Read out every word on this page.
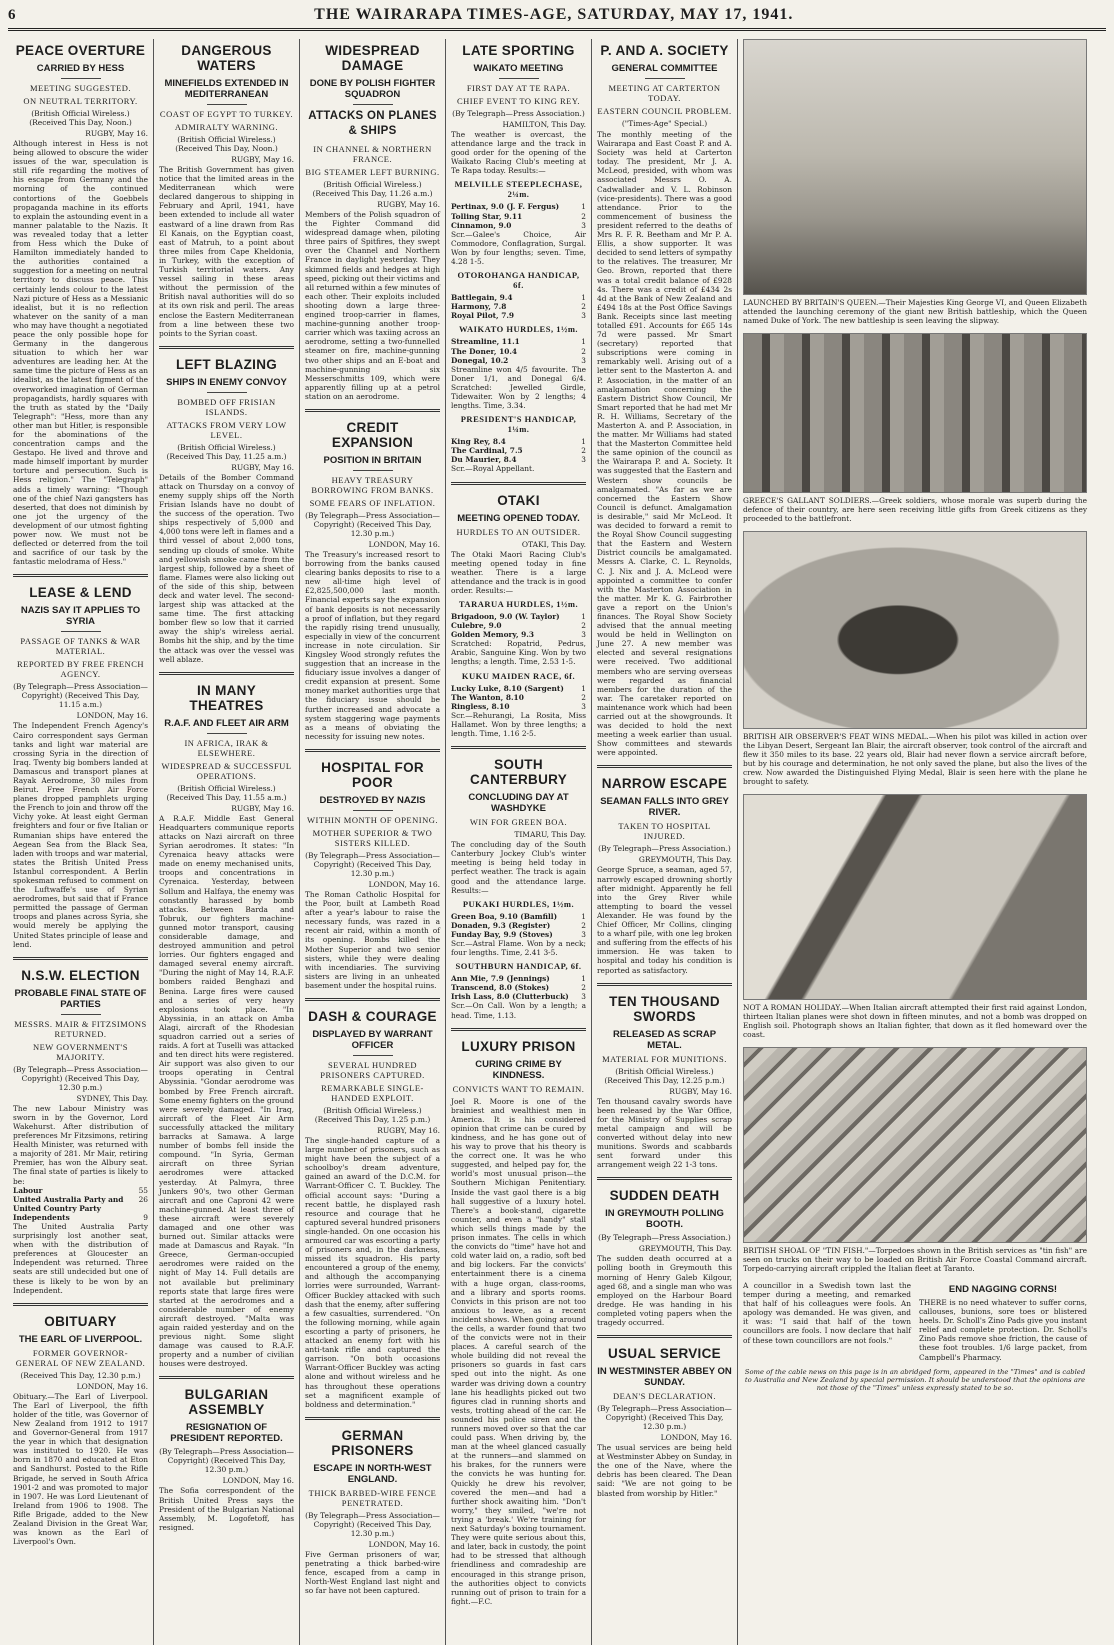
6	THE WAIRARAPA TIMES-AGE, SATURDAY, MAY 17, 1941.
PEACE OVERTURE
CARRIED BY HESS
MEETING SUGGESTED.
ON NEUTRAL TERRITORY.
(British Official Wireless.) (Received This Day, Noon.)
RUGBY, May 16.

Although interest in Hess is not being allowed to obscure the wider issues of the war, speculation is still rife regarding the motives of his escape from Germany and the morning of the continued contortions of the Goebbels propaganda machine in its efforts to explain the astounding event in a manner palatable to the Nazis. It was revealed today that a letter from Hess which the Duke of Hamilton immediately handed to the authorities contained a suggestion for a meeting on neutral territory to discuss peace. This certainly lends colour to the latest Nazi picture of Hess as a Messianic idealist, but it is no reflection whatever on the sanity of a man who may have thought a negotiated peace the only possible hope for Germany in the dangerous situation to which her war adventures are leading her. At the same time the picture of Hess as an idealist, as the latest figment of the overworked imagination of German propagandists, hardly squares with the truth as stated by the "Daily Telegraph": "Hess, more than any other man but Hitler, is responsible for the abominations of the concentration camps and the Gestapo. He lived and throve and made himself important by murder torture and persecution. Such is Hess religion." The "Telegraph" adds a timely warning: "Though one of the chief Nazi gangsters has deserted, that does not diminish by one jot the urgency of the development of our utmost fighting power now. We must not be deflected or deterred from the toil and sacrifice of our task by the fantastic melodrama of Hess."

LEASE & LEND
NAZIS SAY IT APPLIES TO SYRIA
PASSAGE OF TANKS & WAR MATERIAL.
REPORTED BY FREE FRENCH AGENCY.
(By Telegraph—Press Association—Copyright) (Received This Day, 11.15 a.m.)
LONDON, May 16.

The Independent French Agency's Cairo correspondent says German tanks and light war material are crossing Syria in the direction of Iraq. Twenty big bombers landed at Damascus and transport planes at Rayak Aerodrome, 30 miles from Beirut. Free French Air Force planes dropped pamphlets urging the French to join and throw off the Vichy yoke. At least eight German freighters and four or five Italian or Rumanian ships have entered the Aegean Sea from the Black Sea, laden with troops and war material, states the British United Press Istanbul correspondent. A Berlin spokesman refused to comment on the Luftwaffe's use of Syrian aerodromes, but said that if France permitted the passage of German troops and planes across Syria, she would merely be applying the United States principle of lease and lend.

N.S.W. ELECTION
PROBABLE FINAL STATE OF PARTIES
MESSRS. MAIR & FITZSIMONS RETURNED.
NEW GOVERNMENT'S MAJORITY.
(By Telegraph—Press Association—Copyright) (Received This Day, 12.30 p.m.)
SYDNEY, This Day.

The new Labour Ministry was sworn in by the Governor, Lord Wakehurst. After distribution of preferences Mr Fitzsimons, retiring Health Minister, was returned with a majority of 281. Mr Mair, retiring Premier, has won the Albury seat. The final state of parties is likely to be:

55
Labour
26
United Australia Party and United Country Party
9
Independents

The United Australia Party surprisingly lost another seat, when with the distribution of preferences at Gloucester an Independent was returned. Three seats are still undecided but one of these is likely to be won by an Independent.

OBITUARY
THE EARL OF LIVERPOOL.
FORMER GOVERNOR-GENERAL OF NEW ZEALAND.
(Received This Day, 12.30 p.m.)
LONDON, May 16.

Obituary.—The Earl of Liverpool. The Earl of Liverpool, the fifth holder of the title, was Governor of New Zealand from 1912 to 1917 and Governor-General from 1917 the year in which that designation was instituted to 1920. He was born in 1870 and educated at Eton and Sandhurst. Posted to the Rifle Brigade, he served in South Africa 1901-2 and was promoted to major in 1907. He was Lord Lieutenant of Ireland from 1906 to 1908. The Rifle Brigade, added to the New Zealand Division in the Great War, was known as the Earl of Liverpool's Own.

DANGEROUS WATERS
MINEFIELDS EXTENDED IN MEDITERRANEAN
COAST OF EGYPT TO TURKEY.
ADMIRALTY WARNING.
(British Official Wireless.) (Received This Day, Noon.)
RUGBY, May 16.

The British Government has given notice that the limited areas in the Mediterranean which were declared dangerous to shipping in February and April, 1941, have been extended to include all water eastward of a line drawn from Ras El Kanais, on the Egyptian coast, east of Matruh, to a point about three miles from Cape Kheldonia, in Turkey, with the exception of Turkish territorial waters. Any vessel sailing in these areas without the permission of the British naval authorities will do so at its own risk and peril. The areas enclose the Eastern Mediterranean from a line between these two points to the Syrian coast.

LEFT BLAZING
SHIPS IN ENEMY CONVOY
BOMBED OFF FRISIAN ISLANDS.
ATTACKS FROM VERY LOW LEVEL.
(British Official Wireless.) (Received This Day, 11.25 a.m.)
RUGBY, May 16.

Details of the Bomber Command attack on Thursday on a convoy of enemy supply ships off the North Frisian Islands have no doubt of the success of the operation. Two ships respectively of 5,000 and 4,000 tons were left in flames and a third vessel of about 2,000 tons, sending up clouds of smoke. White and yellowish smoke came from the largest ship, followed by a sheet of flame. Flames were also licking out of the side of this ship, between deck and water level. The second-largest ship was attacked at the same time. The first attacking bomber flew so low that it carried away the ship's wireless aerial. Bombs hit the ship, and by the time the attack was over the vessel was well ablaze.

IN MANY THEATRES
R.A.F. AND FLEET AIR ARM
IN AFRICA, IRAK & ELSEWHERE.
WIDESPREAD & SUCCESSFUL OPERATIONS.
(British Official Wireless.) (Received This Day, 11.55 a.m.)
RUGBY, May 16.

A R.A.F. Middle East General Headquarters communique reports attacks on Nazi aircraft on three Syrian aerodromes. It states: "In Cyrenaica heavy attacks were made on enemy mechanised units, troops and concentrations in Cyrenaica. Yesterday, between Sollum and Halfaya, the enemy was constantly harassed by bomb attacks. Between Barda and Tobruk, our fighters machine-gunned motor transport, causing considerable damage, and destroyed ammunition and petrol lorries. Our fighters engaged and damaged several enemy aircraft. "During the night of May 14, R.A.F. bombers raided Benghazi and Benina. Large fires were caused and a series of very heavy explosions took place. "In Abyssinia, in an attack on Amba Alagi, aircraft of the Rhodesian squadron carried out a series of raids. A fort at Tuselli was attacked and ten direct hits were registered. Air support was also given to our troops operating in Central Abyssinia. "Gondar aerodrome was bombed by Free French aircraft. Some enemy fighters on the ground were severely damaged. "In Iraq, aircraft of the Fleet Air Arm successfully attacked the military barracks at Samawa. A large number of bombs fell inside the compound. "In Syria, German aircraft on three Syrian aerodromes were attacked yesterday. At Palmyra, three Junkers 90's, two other German aircraft and one Caproni 42 were machine-gunned. At least three of these aircraft were severely damaged and one other was burned out. Similar attacks were made at Damascus and Rayak. "In Greece, German-occupied aerodromes were raided on the night of May 14. Full details are not available but preliminary reports state that large fires were started at the aerodromes and a considerable number of enemy aircraft destroyed. "Malta was again raided yesterday and on the previous night. Some slight damage was caused to R.A.F. property and a number of civilian houses were destroyed.

BULGARIAN ASSEMBLY
RESIGNATION OF PRESIDENT REPORTED.
(By Telegraph—Press Association—Copyright) (Received This Day, 12.30 p.m.)
LONDON, May 16.

The Sofia correspondent of the British United Press says the President of the Bulgarian National Assembly, M. Logofetoff, has resigned.

WIDESPREAD DAMAGE
DONE BY POLISH FIGHTER SQUADRON
ATTACKS ON PLANES & SHIPS
IN CHANNEL & NORTHERN FRANCE.
BIG STEAMER LEFT BURNING.
(British Official Wireless.) (Received This Day, 11.26 a.m.)
RUGBY, May 16.

Members of the Polish squadron of the Fighter Command did widespread damage when, piloting three pairs of Spitfires, they swept over the Channel and Northern France in daylight yesterday. They skimmed fields and hedges at high speed, picking out their victims and all returned within a few minutes of each other. Their exploits included shooting down a large three-engined troop-carrier in flames, machine-gunning another troop-carrier which was taxiing across an aerodrome, setting a two-funnelled steamer on fire, machine-gunning two other ships and an E-boat and machine-gunning six Messerschmitts 109, which were apparently filling up at a petrol station on an aerodrome.

CREDIT EXPANSION
POSITION IN BRITAIN
HEAVY TREASURY BORROWING FROM BANKS.
SOME FEARS OF INFLATION.
(By Telegraph—Press Association—Copyright) (Received This Day, 12.30 p.m.)
LONDON, May 16.

The Treasury's increased resort to borrowing from the banks caused clearing banks deposits to rise to a new all-time high level of £2,825,500,000 last month. Financial experts say the expansion of bank deposits is not necessarily a proof of inflation, but they regard the rapidly rising trend unusually, especially in view of the concurrent increase in note circulation. Sir Kingsley Wood strongly refutes the suggestion that an increase in the fiduciary issue involves a danger of credit expansion at present. Some money market authorities urge that the fiduciary issue should be further increased and advocate a system staggering wage payments as a means of obviating the necessity for issuing new notes.

HOSPITAL FOR POOR
DESTROYED BY NAZIS
WITHIN MONTH OF OPENING.
MOTHER SUPERIOR & TWO SISTERS KILLED.
(By Telegraph—Press Association—Copyright) (Received This Day, 12.30 p.m.)
LONDON, May 16.

The Roman Catholic Hospital for the Poor, built at Lambeth Road after a year's labour to raise the necessary funds, was razed in a recent air raid, within a month of its opening. Bombs killed the Mother Superior and two senior sisters, while they were dealing with incendiaries. The surviving sisters are living in an unheated basement under the hospital ruins.

DASH & COURAGE
DISPLAYED BY WARRANT OFFICER
SEVERAL HUNDRED PRISONERS CAPTURED.
REMARKABLE SINGLE-HANDED EXPLOIT.
(British Official Wireless.) (Received This Day, 1.25 p.m.)
RUGBY, May 16.

The single-handed capture of a large number of prisoners, such as might have been the subject of a schoolboy's dream adventure, gained an award of the D.C.M. for Warrant-Officer C. T. Buckley. The official account says: "During a recent battle, he displayed rash resource and courage that he captured several hundred prisoners single-handed. On one occasion his armoured car was escorting a party of prisoners and, in the darkness, missed its squadron. His party encountered a group of the enemy, and although the accompanying lorries were surrounded, Warrant-Officer Buckley attacked with such dash that the enemy, after suffering a few casualties, surrendered. "On the following morning, while again escorting a party of prisoners, he attacked an enemy fort with his anti-tank rifle and captured the garrison. "On both occasions Warrant-Officer Buckley was acting alone and without wireless and he has throughout these operations set a magnificent example of boldness and determination."

GERMAN PRISONERS
ESCAPE IN NORTH-WEST ENGLAND.
THICK BARBED-WIRE FENCE PENETRATED.
(By Telegraph—Press Association—Copyright) (Received This Day, 12.30 p.m.)
LONDON, May 16.

Five German prisoners of war, penetrating a thick barbed-wire fence, escaped from a camp in North-West England last night and so far have not been captured.

LATE SPORTING
WAIKATO MEETING
FIRST DAY AT TE RAPA.
CHIEF EVENT TO KING REY.
(By Telegraph—Press Association.)
HAMILTON, This Day.

The weather is overcast, the attendance large and the track in good order for the opening of the Waikato Racing Club's meeting at Te Rapa today. Results:—

MELVILLE STEEPLECHASE, 2¼m.
1
Pertinax, 9.0 (J. F. Fergus)
2
Tolling Star, 9.11
3
Cinnamon, 9.0

Scr.—Galee's Choice, Air Commodore, Conflagration, Surgal. Won by four lengths; seven. Time, 4.28 1-5.

OTOROHANGA HANDICAP, 6f.
1
Battlegain, 9.4
2
Harmony, 7.8
3
Royal Pilot, 7.9
WAIKATO HURDLES, 1½m.
1
Streamline, 11.1
2
The Doner, 10.4
3
Donegal, 10.2

Streamline won 4/5 favourite. The Doner 1/1, and Donegal 6/4. Scratched: Jewelled Girdle, Tidewaiter. Won by 2 lengths; 4 lengths. Time, 3.34.

PRESIDENT'S HANDICAP, 1¼m.
1
King Rey, 8.4
2
The Cardinal, 7.5
3
Du Maurier, 8.4

Scr.—Royal Appellant.

OTAKI
MEETING OPENED TODAY.
HURDLES TO AN OUTSIDER.
OTAKI, This Day.

The Otaki Maori Racing Club's meeting opened today in fine weather. There is a large attendance and the track is in good order. Results:—

TARARUA HURDLES, 1½m.
1
Brigadoon, 9.0 (W. Taylor)
2
Culebre, 9.0
3
Golden Memory, 9.3

Scratched: Ropatrid, Pedrus, Arabic, Sanguine King. Won by two lengths; a length. Time, 2.53 1-5.

KUKU MAIDEN RACE, 6f.
1
Lucky Luke, 8.10 (Sargent)
2
The Wanton, 8.10
3
Ringless, 8.10

Scr.—Rehurangi, La Rosita, Miss Hallamet. Won by three lengths; a length. Time, 1.16 2-5.

SOUTH CANTERBURY
CONCLUDING DAY AT WASHDYKE
WIN FOR GREEN BOA.
TIMARU, This Day.

The concluding day of the South Canterbury Jockey Club's winter meeting is being held today in perfect weather. The track is again good and the attendance large. Results:—

PUKAKI HURDLES, 1½m.
1
Green Boa, 9.10 (Bamfill)
2
Donaden, 9.3 (Register)
3
Funday Bay, 9.9 (Stoves)

Scr.—Astral Flame. Won by a neck; four lengths. Time, 2.41 3-5.

SOUTHBURN HANDICAP, 6f.
1
Ann Mie, 7.9 (Jennings)
2
Transcend, 8.0 (Stokes)
3
Irish Lass, 8.0 (Clutterbuck)

Scr.—On Call. Won by a length; a head. Time, 1.13.

LUXURY PRISON
CURING CRIME BY KINDNESS.
CONVICTS WANT TO REMAIN.

Joel R. Moore is one of the brainiest and wealthiest men in America. It is his considered opinion that crime can be cured by kindness, and he has gone out of his way to prove that his theory is the correct one. It was he who suggested, and helped pay for, the world's most unusual prison—the Southern Michigan Penitentiary. Inside the vast gaol there is a big hall suggestive of a luxury hotel. There's a book-stand, cigarette counter, and even a "handy" stall which sells things made by the prison inmates. The cells in which the convicts do "time" have hot and cold water laid on, a radio, soft bed and big lockers. Far the convicts' entertainment there is a cinema with a huge organ, class-rooms, and a library and sports rooms. Convicts in this prison are not too anxious to leave, as a recent incident shows. When going around the cells, a warder found that two of the convicts were not in their places. A careful search of the whole building did not reveal the prisoners so guards in fast cars sped out into the night. As one warder was driving down a country lane his headlights picked out two figures clad in running shorts and vests, trotting ahead of the car. He sounded his police siren and the runners moved over so that the car could pass. When driving by, the man at the wheel glanced casually at the runners—and slammed on his brakes, for the runners were the convicts he was hunting for. Quickly he drew his revolver, covered the men—and had a further shock awaiting him. "Don't worry," they smiled, "we're not trying a 'break.' We're training for next Saturday's boxing tournament. They were quite serious about this, and later, back in custody, the point had to be stressed that although friendliness and comradeship are encouraged in this strange prison, the authorities object to convicts running out of prison to train for a fight.—F.C.

P. AND A. SOCIETY
GENERAL COMMITTEE
MEETING AT CARTERTON TODAY.
EASTERN COUNCIL PROBLEM.
("Times-Age" Special.)

The monthly meeting of the Wairarapa and East Coast P. and A. Society was held at Carterton today. The president, Mr J. A. McLeod, presided, with whom was associated Messrs O. A. Cadwallader and V. L. Robinson (vice-presidents). There was a good attendance. Prior to the commencement of business the president referred to the deaths of Mrs R. F. R. Beetham and Mr P. A. Ellis, a show supporter. It was decided to send letters of sympathy to the relatives. The treasurer, Mr Geo. Brown, reported that there was a total credit balance of £928 4s. There was a credit of £434 2s 4d at the Bank of New Zealand and £494 18s at the Post Office Savings Bank. Receipts since last meeting totalled £91. Accounts for £65 14s 7d were passed. Mr Smart (secretary) reported that subscriptions were coming in remarkably well. Arising out of a letter sent to the Masterton A. and P. Association, in the matter of an amalgamation concerning the Eastern District Show Council, Mr Smart reported that he had met Mr R. H. Williams, Secretary of the Masterton A. and P. Association, in the matter. Mr Williams had stated that the Masterton Committee held the same opinion of the council as the Wairarapa P. and A. Society. It was suggested that the Eastern and Western show councils be amalgamated. "As far as we are concerned the Eastern Show Council is defunct. Amalgamation is desirable," said Mr McLeod. It was decided to forward a remit to the Royal Show Council suggesting that the Eastern and Western District councils be amalgamated. Messrs A. Clarke, C. L. Reynolds, C. J. Nix and J. A. McLeod were appointed a committee to confer with the Masterton Association in the matter. Mr K. G. Fairbrother gave a report on the Union's finances. The Royal Show Society advised that the annual meeting would be held in Wellington on June 27. A new member was elected and several resignations were received. Two additional members who are serving overseas were regarded as financial members for the duration of the war. The caretaker reported on maintenance work which had been carried out at the showgrounds. It was decided to hold the next meeting a week earlier than usual. Show committees and stewards were appointed.

NARROW ESCAPE
SEAMAN FALLS INTO GREY RIVER.
TAKEN TO HOSPITAL INJURED.
(By Telegraph—Press Association.)
GREYMOUTH, This Day.

George Spruce, a seaman, aged 57, narrowly escaped drowning shortly after midnight. Apparently he fell into the Grey River while attempting to board the vessel Alexander. He was found by the Chief Officer, Mr Collins, clinging to a wharf pile, with one leg broken and suffering from the effects of his immersion. He was taken to hospital and today his condition is reported as satisfactory.

TEN THOUSAND SWORDS
RELEASED AS SCRAP METAL.
MATERIAL FOR MUNITIONS.
(British Official Wireless.) (Received This Day, 12.25 p.m.)
RUGBY, May 16.

Ten thousand cavalry swords have been released by the War Office, for the Ministry of Supplies scrap metal campaign and will be converted without delay into new munitions. Swords and scabbards sent forward under this arrangement weigh 22 1-3 tons.

SUDDEN DEATH
IN GREYMOUTH POLLING BOOTH.
(By Telegraph—Press Association.)
GREYMOUTH, This Day.

The sudden death occurred at a polling booth in Greymouth this morning of Henry Galeb Kilgour, aged 68, and a single man who was employed on the Harbour Board dredge. He was handing in his completed voting papers when the tragedy occurred.

USUAL SERVICE
IN WESTMINSTER ABBEY ON SUNDAY.
DEAN'S DECLARATION.
(By Telegraph—Press Association—Copyright) (Received This Day, 12.30 p.m.)
LONDON, May 16.

The usual services are being held at Westminster Abbey on Sunday, in the one of the Nave, where the debris has been cleared. The Dean said: "We are not going to be blasted from worship by Hitler."

LAUNCHED BY BRITAIN'S QUEEN.—Their Majesties King George VI, and Queen Elizabeth attended the launching ceremony of the giant new British battleship, which the Queen named Duke of York. The new battleship is seen leaving the slipway.

GREECE'S GALLANT SOLDIERS.—Greek soldiers, whose morale was superb during the defence of their country, are here seen receiving little gifts from Greek citizens as they proceeded to the battlefront.

BRITISH AIR OBSERVER'S FEAT WINS MEDAL.—When his pilot was killed in action over the Libyan Desert, Sergeant Ian Blair, the aircraft observer, took control of the aircraft and flew it 350 miles to its base. 22 years old, Blair had never flown a service aircraft before, but by his courage and determination, he not only saved the plane, but also the lives of the crew. Now awarded the Distinguished Flying Medal, Blair is seen here with the plane he brought to safety.

NOT A ROMAN HOLIDAY.—When Italian aircraft attempted their first raid against London, thirteen Italian planes were shot down in fifteen minutes, and not a bomb was dropped on English soil. Photograph shows an Italian fighter, that down as it fled homeward over the coast.

BRITISH SHOAL OF "TIN FISH."—Torpedoes shown in the British services as "tin fish" are seen on trucks on their way to be loaded on British Air Force Coastal Command aircraft. Torpedo-carrying aircraft crippled the Italian fleet at Taranto.

A councillor in a Swedish town last the temper during a meeting, and remarked that half of his colleagues were fools. An apology was demanded. He was given, and it was: "I said that half of the town councillors are fools. I now declare that half of these town councillors are not fools."

END NAGGING CORNS!

THERE is no need whatever to suffer corns, callouses, bunions, sore toes or blistered heels. Dr. Scholl's Zino Pads give you instant relief and complete protection. Dr. Scholl's Zino Pads remove shoe friction, the cause of these foot troubles. 1/6 large packet, from Campbell's Pharmacy.

Some of the cable news on this page is in an abridged form, appeared in the "Times" and is cabled to Australia and New Zealand by special permission. It should be understood that the opinions are not those of the "Times" unless expressly stated to be so.
